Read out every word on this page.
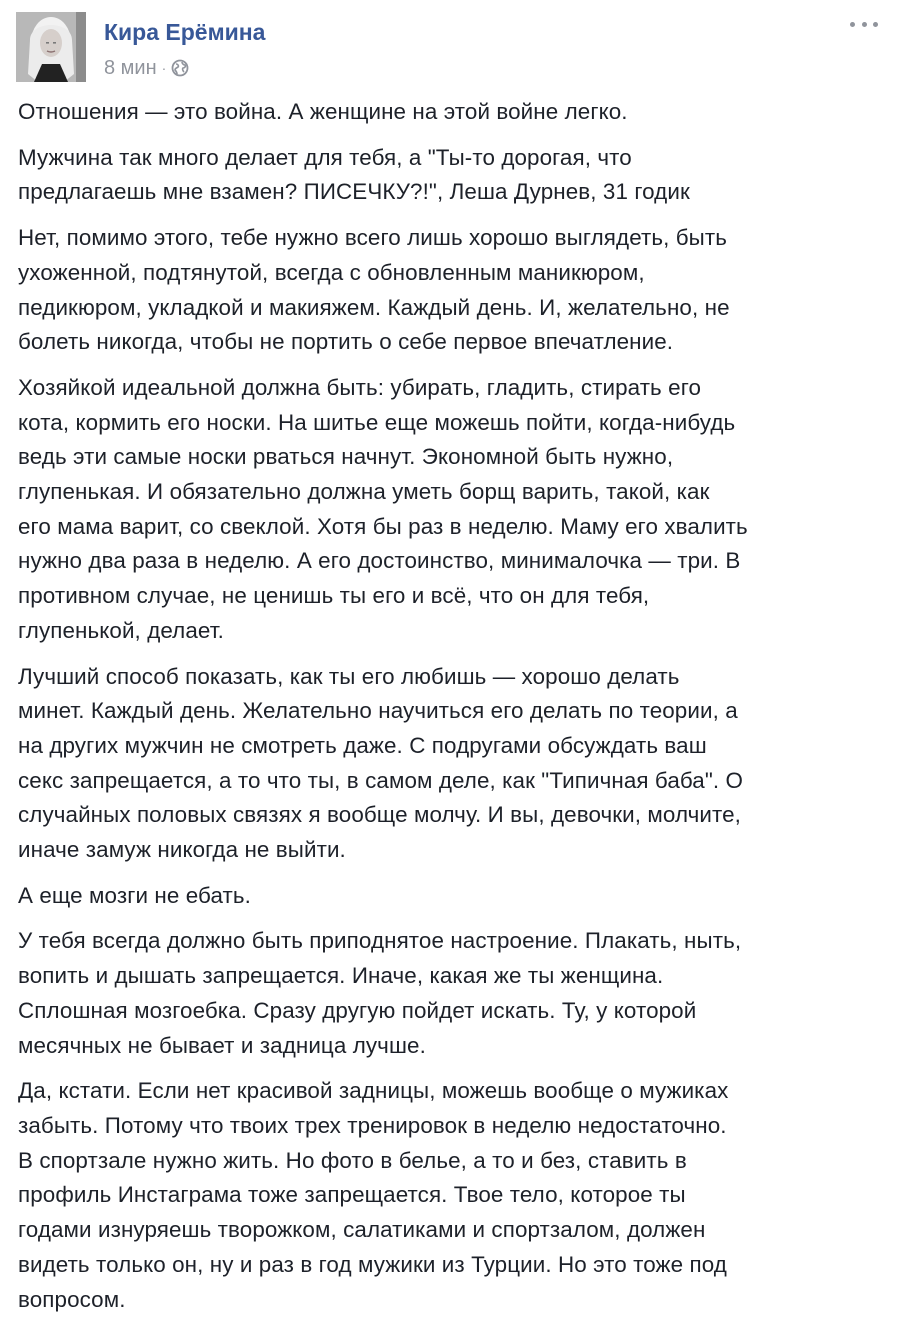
Кира Ерёмина
8 мин ·

Отношения — это война. А женщине на этой войне легко.

Мужчина так много делает для тебя, а "Ты-то дорогая, что
предлагаешь мне взамен? ПИСЕЧКУ?!", Леша Дурнев, 31 годик

Нет, помимо этого, тебе нужно всего лишь хорошо выглядеть, быть
ухоженной, подтянутой, всегда с обновленным маникюром,
педикюром, укладкой и макияжем. Каждый день. И, желательно, не
болеть никогда, чтобы не портить о себе первое впечатление.

Хозяйкой идеальной должна быть: убирать, гладить, стирать его
кота, кормить его носки. На шитье еще можешь пойти, когда-нибудь
ведь эти самые носки рваться начнут. Экономной быть нужно,
глупенькая. И обязательно должна уметь борщ варить, такой, как
его мама варит, со свеклой. Хотя бы раз в неделю. Маму его хвалить
нужно два раза в неделю. А его достоинство, минималочка — три. В
противном случае, не ценишь ты его и всё, что он для тебя,
глупенькой, делает.

Лучший способ показать, как ты его любишь — хорошо делать
минет. Каждый день. Желательно научиться его делать по теории, а
на других мужчин не смотреть даже. С подругами обсуждать ваш
секс запрещается, а то что ты, в самом деле, как "Типичная баба". О
случайных половых связях я вообще молчу. И вы, девочки, молчите,
иначе замуж никогда не выйти.

А еще мозги не ебать.

У тебя всегда должно быть приподнятое настроение. Плакать, ныть,
вопить и дышать запрещается. Иначе, какая же ты женщина.
Сплошная мозгоебка. Сразу другую пойдет искать. Ту, у которой
месячных не бывает и задница лучше.

Да, кстати. Если нет красивой задницы, можешь вообще о мужиках
забыть. Потому что твоих трех тренировок в неделю недостаточно.
В спортзале нужно жить. Но фото в белье, а то и без, ставить в
профиль Инстаграма тоже запрещается. Твое тело, которое ты
годами изнуряешь творожком, салатиками и спортзалом, должен
видеть только он, ну и раз в год мужики из Турции. Но это тоже под
вопросом.
